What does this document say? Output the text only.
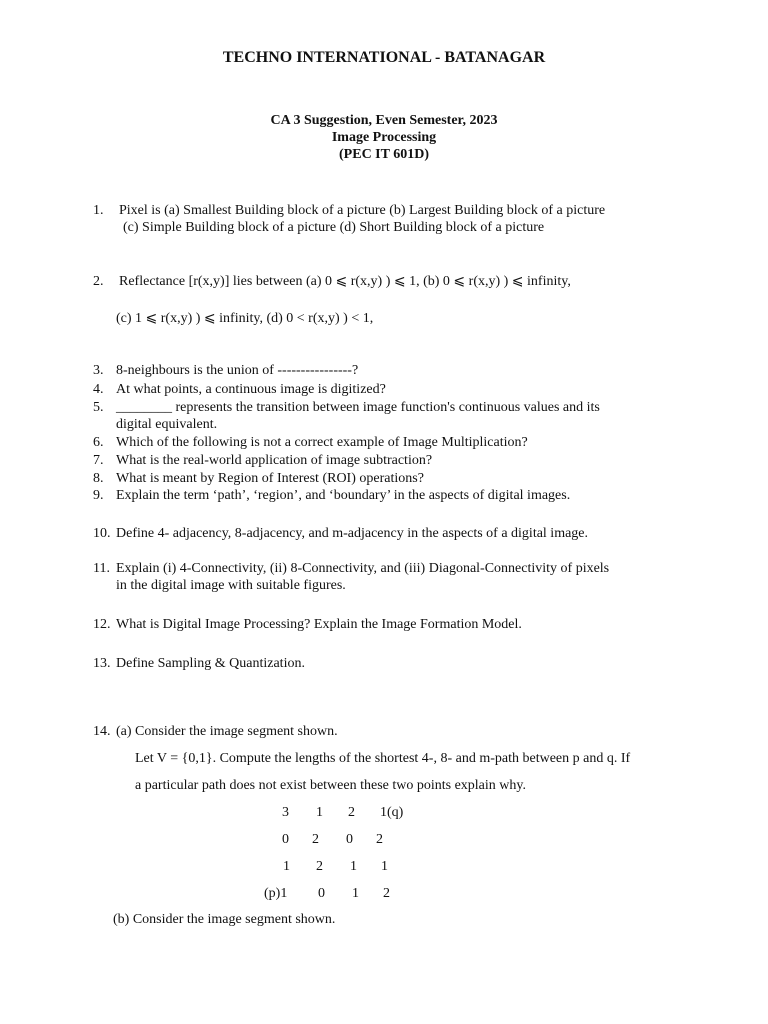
TECHNO INTERNATIONAL - BATANAGAR
CA 3 Suggestion, Even Semester, 2023
Image Processing
(PEC IT 601D)
1. Pixel is (a) Smallest Building block of a picture (b) Largest Building block of a picture
(c) Simple Building block of a picture (d) Short Building block of a picture
2. Reflectance [r(x,y)] lies between (a) 0 ⩽ r(x,y) ) ⩽ 1, (b) 0 ⩽ r(x,y) ) ⩽ infinity,
(c) 1 ⩽ r(x,y) ) ⩽ infinity, (d) 0 < r(x,y) ) < 1,
3. 8-neighbours is the union of ----------------?
4. At what points, a continuous image is digitized?
5. ________ represents the transition between image function's continuous values and its
digital equivalent.
6. Which of the following is not a correct example of Image Multiplication?
7. What is the real-world application of image subtraction?
8. What is meant by Region of Interest (ROI) operations?
9. Explain the term ‘path’, ‘region’, and ‘boundary’ in the aspects of digital images.
10. Define 4- adjacency, 8-adjacency, and m-adjacency in the aspects of a digital image.
11. Explain (i) 4-Connectivity, (ii) 8-Connectivity, and (iii) Diagonal-Connectivity of pixels
in the digital image with suitable figures.
12. What is Digital Image Processing? Explain the Image Formation Model.
13. Define Sampling & Quantization.
14. (a) Consider the image segment shown.
Let V = {0,1}. Compute the lengths of the shortest 4-, 8- and m-path between p and q. If
a particular path does not exist between these two points explain why.
3 1 2 1(q)
0 2 0 2
1 2 1 1
(p)1 0 1 2
(b) Consider the image segment shown.
